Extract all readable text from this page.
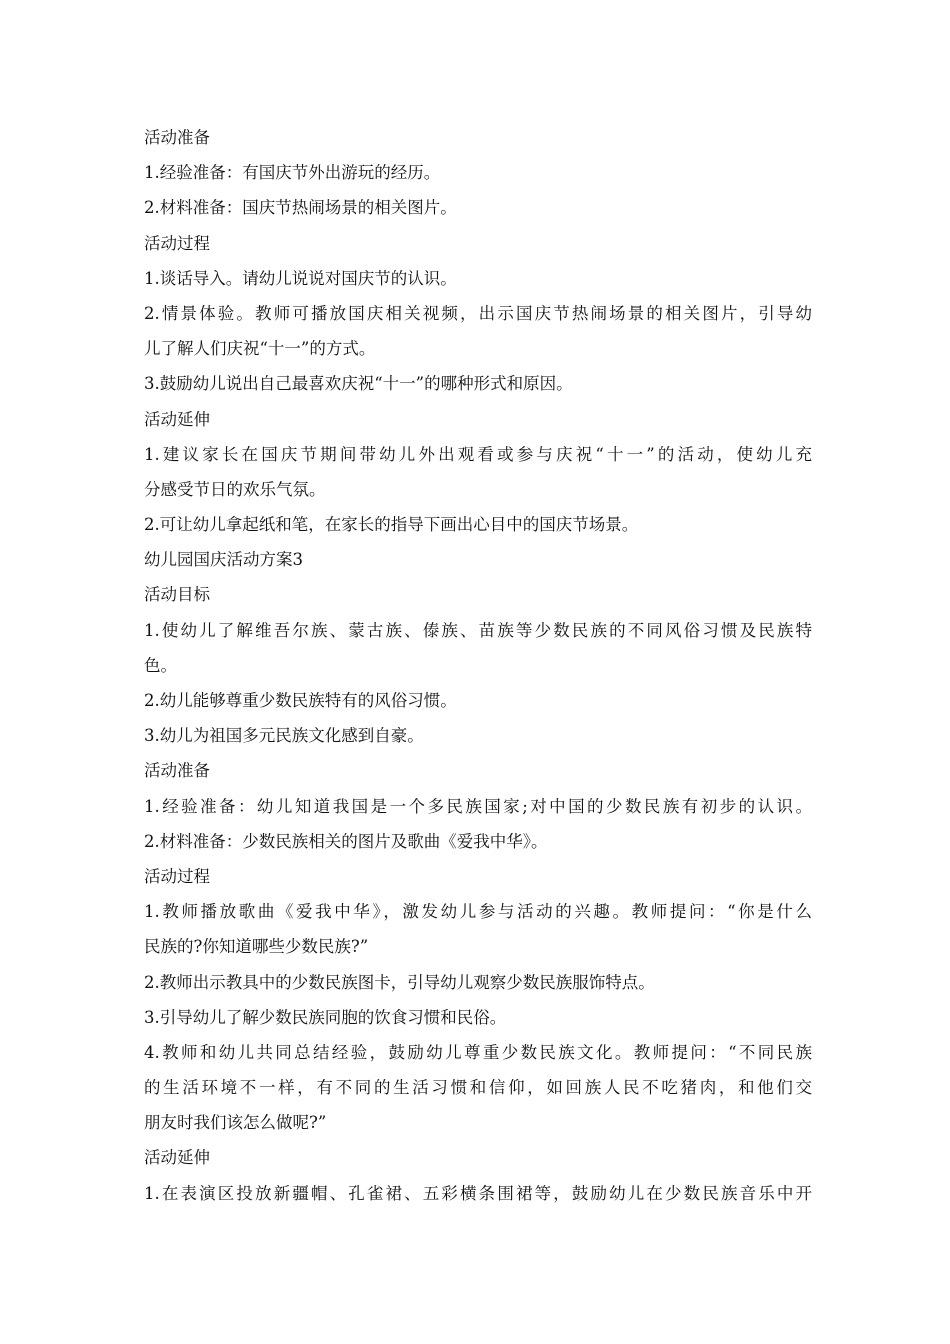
活动准备
1.经验准备：有国庆节外出游玩的经历。
2.材料准备：国庆节热闹场景的相关图片。
活动过程
1.谈话导入。请幼儿说说对国庆节的认识。
2.情景体验。教师可播放国庆相关视频，出示国庆节热闹场景的相关图片，引导幼
儿了解人们庆祝“十一”的方式。
3.鼓励幼儿说出自己最喜欢庆祝“十一”的哪种形式和原因。
活动延伸
1.建议家长在国庆节期间带幼儿外出观看或参与庆祝“十一”的活动，使幼儿充
分感受节日的欢乐气氛。
2.可让幼儿拿起纸和笔，在家长的指导下画出心目中的国庆节场景。
幼儿园国庆活动方案3
活动目标
1.使幼儿了解维吾尔族、蒙古族、傣族、苗族等少数民族的不同风俗习惯及民族特
色。
2.幼儿能够尊重少数民族特有的风俗习惯。
3.幼儿为祖国多元民族文化感到自豪。
活动准备
1.经验准备：幼儿知道我国是一个多民族国家;对中国的少数民族有初步的认识。
2.材料准备：少数民族相关的图片及歌曲《爱我中华》。
活动过程
1.教师播放歌曲《爱我中华》，激发幼儿参与活动的兴趣。教师提问：“你是什么
民族的?你知道哪些少数民族?”
2.教师出示教具中的少数民族图卡，引导幼儿观察少数民族服饰特点。
3.引导幼儿了解少数民族同胞的饮食习惯和民俗。
4.教师和幼儿共同总结经验，鼓励幼儿尊重少数民族文化。教师提问：“不同民族
的生活环境不一样，有不同的生活习惯和信仰，如回族人民不吃猪肉，和他们交
朋友时我们该怎么做呢?”
活动延伸
1.在表演区投放新疆帽、孔雀裙、五彩横条围裙等，鼓励幼儿在少数民族音乐中开
